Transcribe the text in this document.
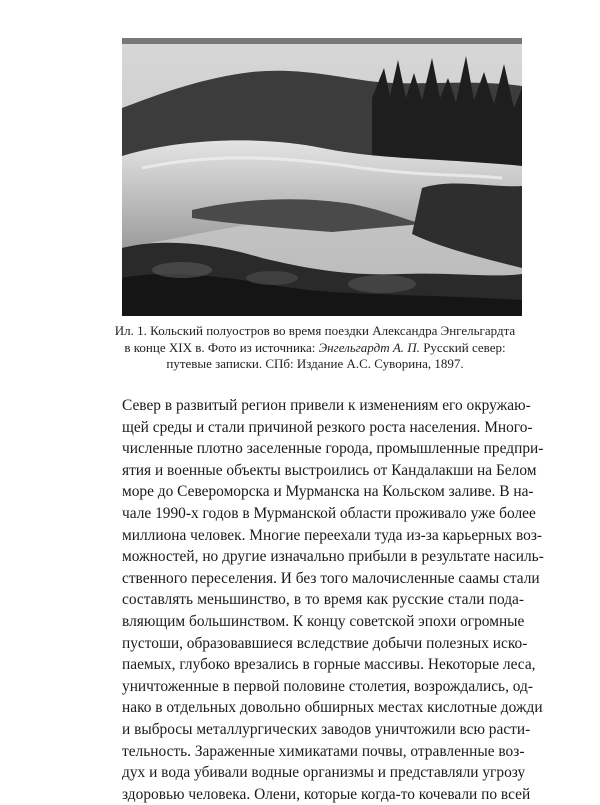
Ил. 1. Кольский полуостров во время поездки Александра Энгельгардта
в конце XIX в. Фото из источника: Энгельгардт А. П. Русский север:
путевые записки. СПб: Издание А.С. Суворина, 1897.
Север в развитый регион привели к изменениям его окружаю-
щей среды и стали причиной резкого роста населения. Много-
численные плотно заселенные города, промышленные предпри-
ятия и военные объекты выстроились от Кандалакши на Белом
море до Североморска и Мурманска на Кольском заливе. В на-
чале 1990-х годов в Мурманской области проживало уже более
миллиона человек. Многие переехали туда из-за карьерных воз-
можностей, но другие изначально прибыли в результате насиль-
ственного переселения. И без того малочисленные саамы стали
составлять меньшинство, в то время как русские стали пода-
вляющим большинством. К концу советской эпохи огромные
пустоши, образовавшиеся вследствие добычи полезных иско-
паемых, глубоко врезались в горные массивы. Некоторые леса,
уничтоженные в первой половине столетия, возрождались, од-
нако в отдельных довольно обширных местах кислотные дожди
и выбросы металлургических заводов уничтожили всю расти-
тельность. Зараженные химикатами почвы, отравленные воз-
дух и вода убивали водные организмы и представляли угрозу
здоровью человека. Олени, которые когда-то кочевали по всей
